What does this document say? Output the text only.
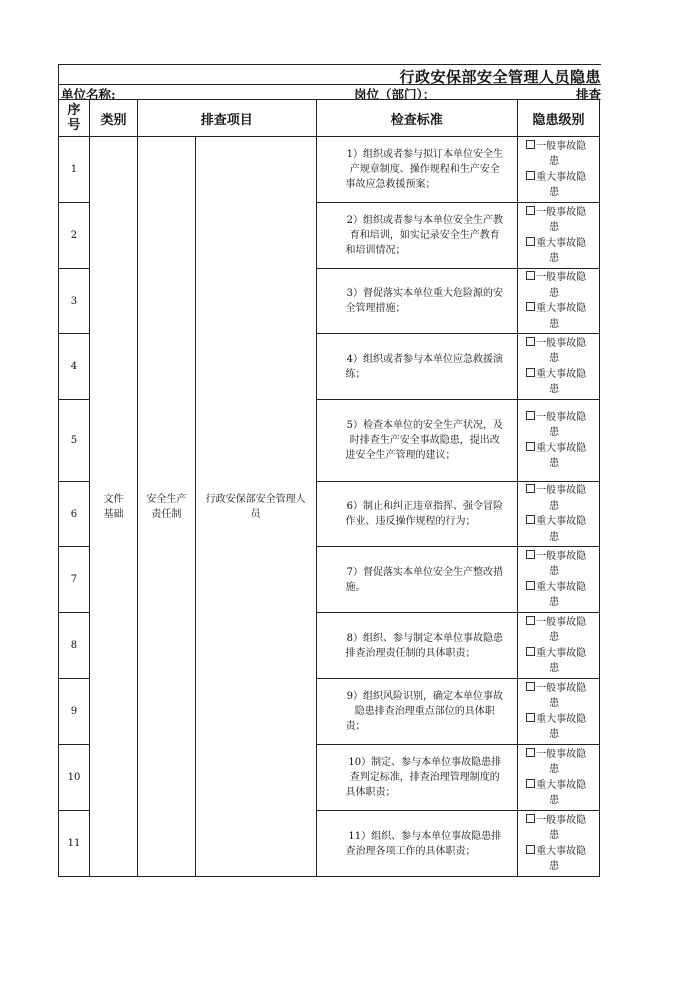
行政安保部安全管理人员隐患
单位名称:	岗位（部门）：	排查
序号	类别	排查项目		检查标准	隐患级别
1	文件基础	安全生产责任制	行政安保部安全管理人员	1）组织或者参与拟订本单位安全生产规章制度、操作规程和生产安全事故应急救援预案；	一般事故隐
患
重大事故隐
患

2				2）组织或者参与本单位安全生产教育和培训，如实记录安全生产教育和培训情况；	一般事故隐
患
重大事故隐
患

3				3）督促落实本单位重大危险源的安全管理措施；	一般事故隐
患
重大事故隐
患

4				4）组织或者参与本单位应急救援演练；	一般事故隐
患
重大事故隐
患

5				5）检查本单位的安全生产状况，及时排查生产安全事故隐患，提出改进安全生产管理的建议；	一般事故隐
患
重大事故隐
患

6				6）制止和纠正违章指挥、强令冒险作业、违反操作规程的行为；	一般事故隐
患
重大事故隐
患

7				7）督促落实本单位安全生产整改措施。	一般事故隐
患
重大事故隐
患

8				8）组织、参与制定本单位事故隐患排查治理责任制的具体职责；	一般事故隐
患
重大事故隐
患

9				9）组织风险识别，确定本单位事故隐患排查治理重点部位的具体职责；	一般事故隐
患
重大事故隐
患

10				10）制定、参与本单位事故隐患排查判定标准，排查治理管理制度的具体职责；	一般事故隐
患
重大事故隐
患

11				11）组织、参与本单位事故隐患排查治理各项工作的具体职责；	一般事故隐
患
重大事故隐
患
